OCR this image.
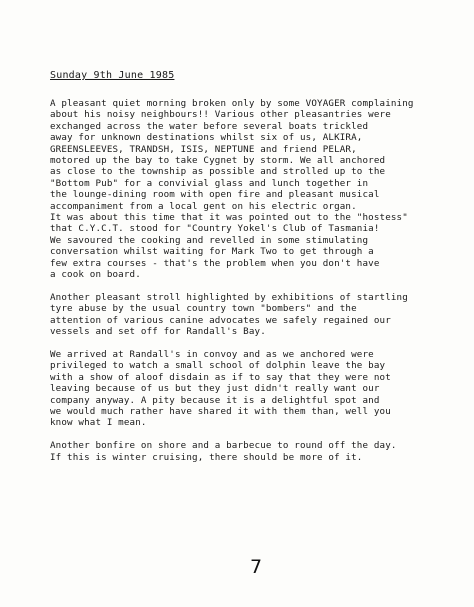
Sunday 9th June 1985
A pleasant quiet morning broken only by some VOYAGER complaining
about his noisy neighbours!! Various other pleasantries were
exchanged across the water before several boats trickled
away for unknown destinations whilst six of us, ALKIRA,
GREENSLEEVES, TRANDSH, ISIS, NEPTUNE and friend PELAR,
motored up the bay to take Cygnet by storm. We all anchored
as close to the township as possible and strolled up to the
"Bottom Pub" for a convivial glass and lunch together in
the lounge-dining room with open fire and pleasant musical
accompaniment from a local gent on his electric organ.
It was about this time that it was pointed out to the "hostess"
that C.Y.C.T. stood for "Country Yokel's Club of Tasmania!
We savoured the cooking and revelled in some stimulating
conversation whilst waiting for Mark Two to get through a
few extra courses - that's the problem when you don't have
a cook on board.
Another pleasant stroll highlighted by exhibitions of startling
tyre abuse by the usual country town "bombers" and the
attention of various canine advocates we safely regained our
vessels and set off for Randall's Bay.
We arrived at Randall's in convoy and as we anchored were
privileged to watch a small school of dolphin leave the bay
with a show of aloof disdain as if to say that they were not
leaving because of us but they just didn't really want our
company anyway. A pity because it is a delightful spot and
we would much rather have shared it with them than, well you
know what I mean.
Another bonfire on shore and a barbecue to round off the day.
If this is winter cruising, there should be more of it.
7
